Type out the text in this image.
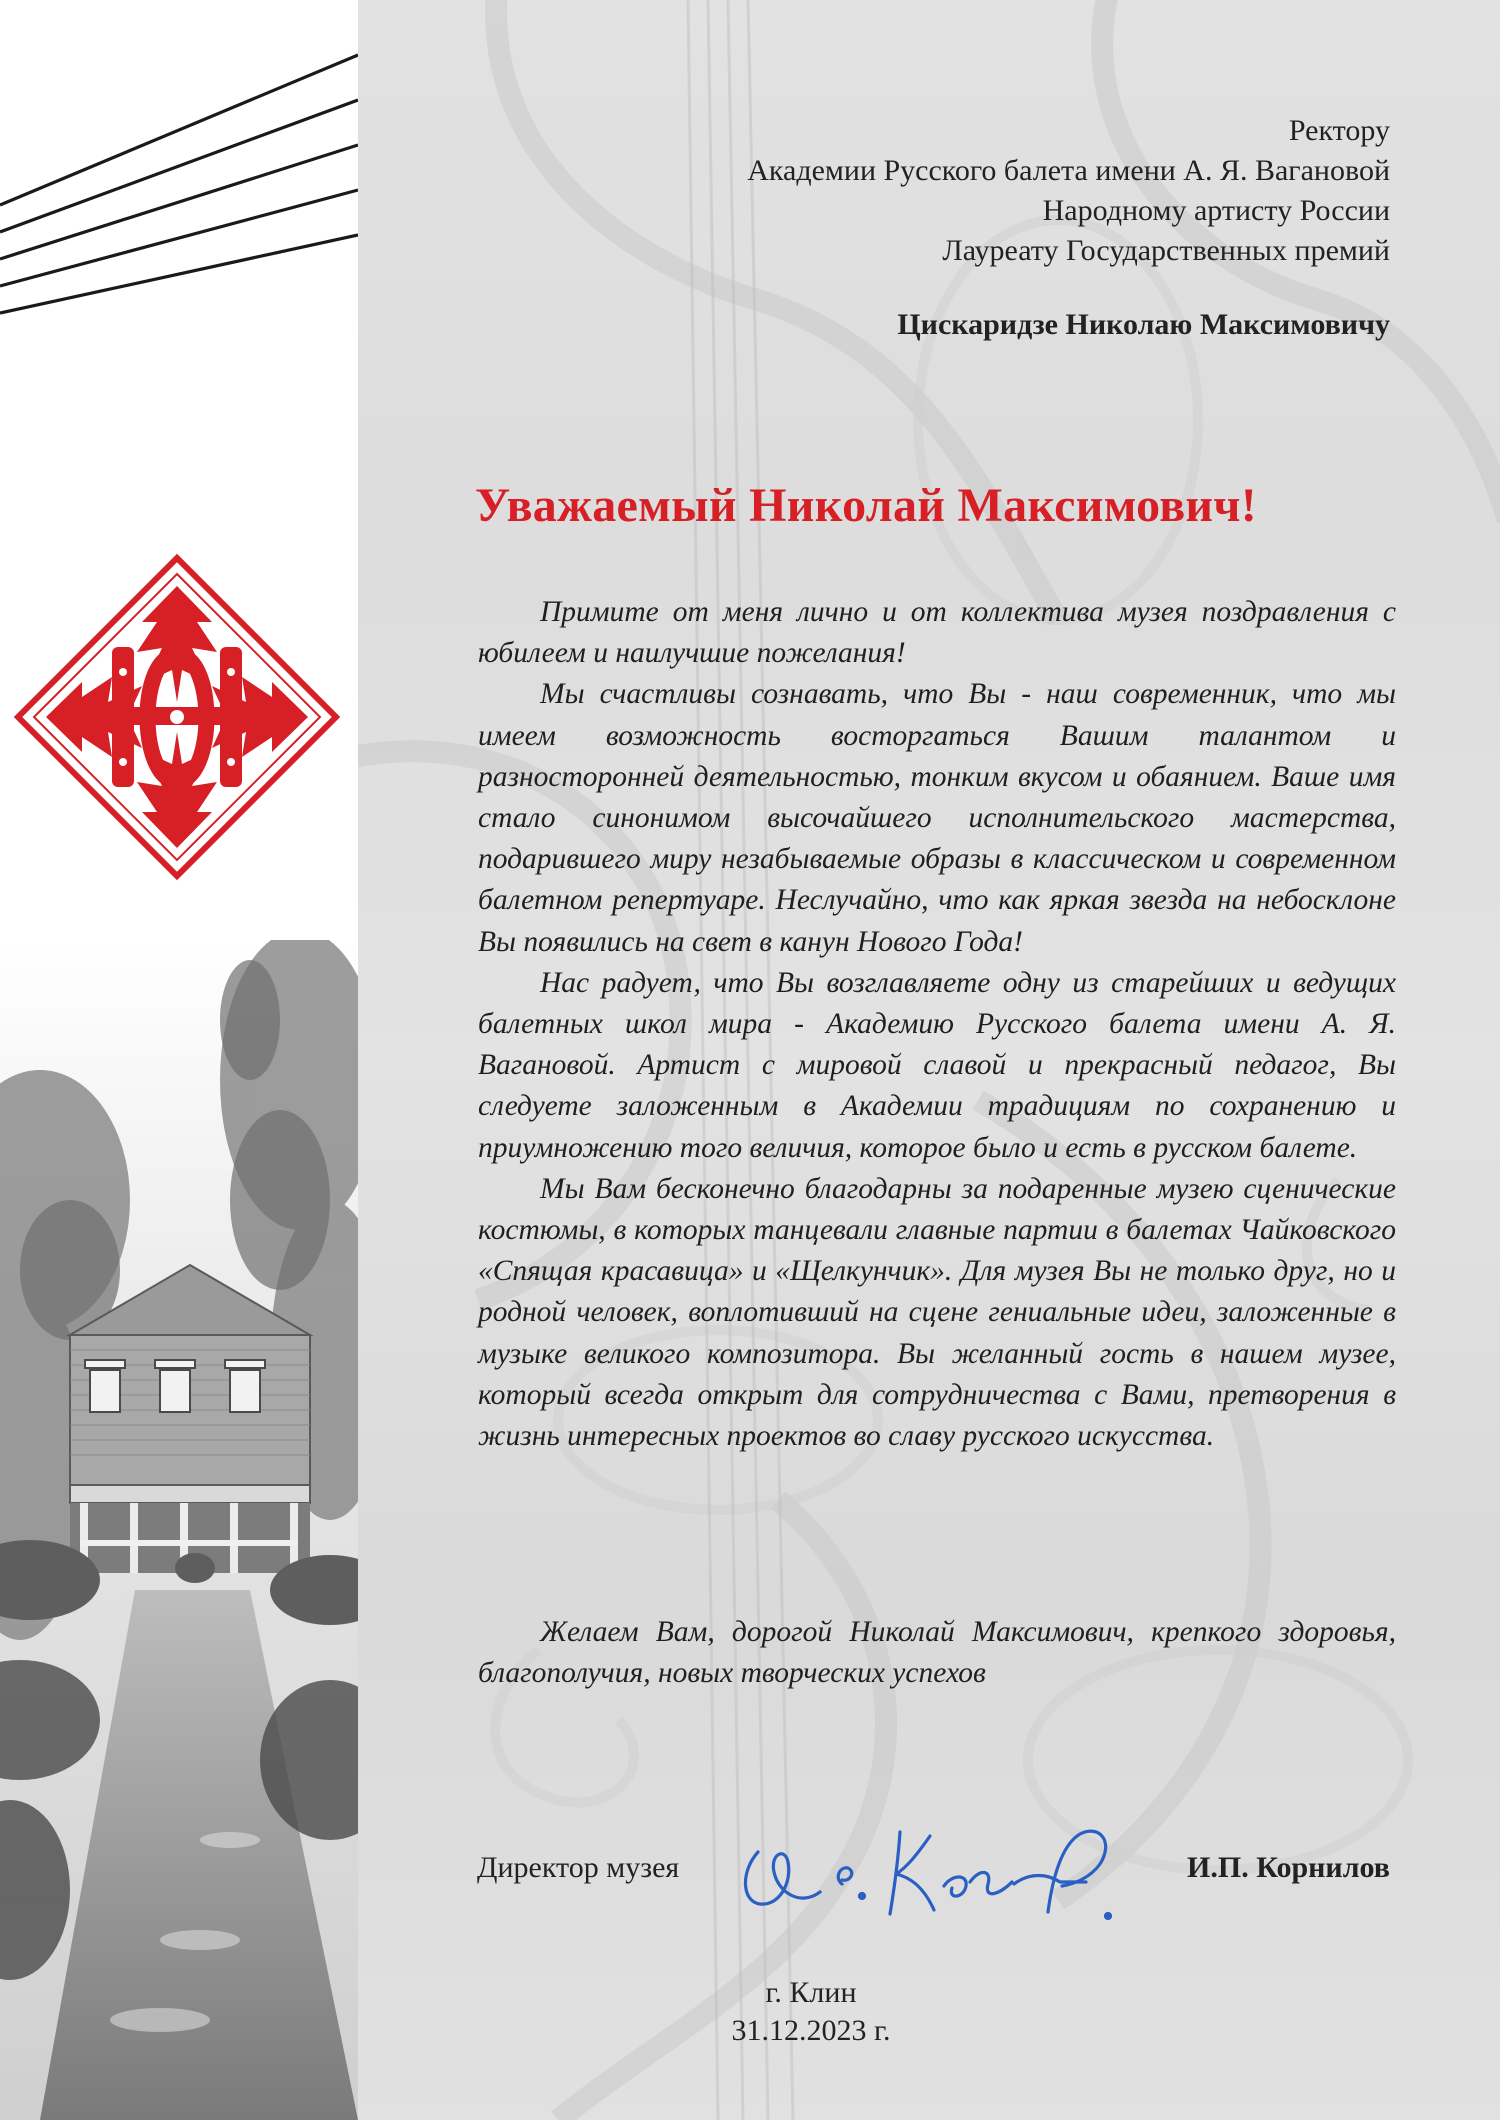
Ректору
Академии Русского балета имени А. Я. Вагановой
Народному артисту России
Лауреату Государственных премий
Цискаридзе Николаю Максимовичу
Уважаемый Николай Максимович!

Примите от меня лично и от коллектива музея поздравления с юбилеем и наилучшие пожелания!

Мы счастливы сознавать, что Вы - наш современник, что мы имеем возможность восторгаться Вашим талантом и разносторонней деятельностью, тонким вкусом и обаянием. Ваше имя стало синонимом высочайшего исполнительского мастерства, подарившего миру незабываемые образы в классическом и современном балетном репертуаре. Неслучайно, что как яркая звезда на небосклоне Вы появились на свет в канун Нового Года!

Нас радует, что Вы возглавляете одну из старейших и ведущих балетных школ мира - Академию Русского балета имени А. Я. Вагановой. Артист с мировой славой и прекрасный педагог, Вы следуете заложенным в Академии традициям по сохранению и приумножению того величия, которое было и есть в русском балете.

Мы Вам бесконечно благодарны за подаренные музею сценические костюмы, в которых танцевали главные партии в балетах Чайковского «Спящая красавица» и «Щелкунчик». Для музея Вы не только друг, но и родной человек, воплотивший на сцене гениальные идеи, заложенные в музыке великого композитора. Вы желанный гость в нашем музее, который всегда открыт для сотрудничества с Вами, претворения в жизнь интересных проектов во славу русского искусства.

Желаем Вам, дорогой Николай Максимович, крепкого здоровья, благополучия, новых творческих успехов

Директор музея	И.П. Корнилов
г. Клин
31.12.2023 г.
